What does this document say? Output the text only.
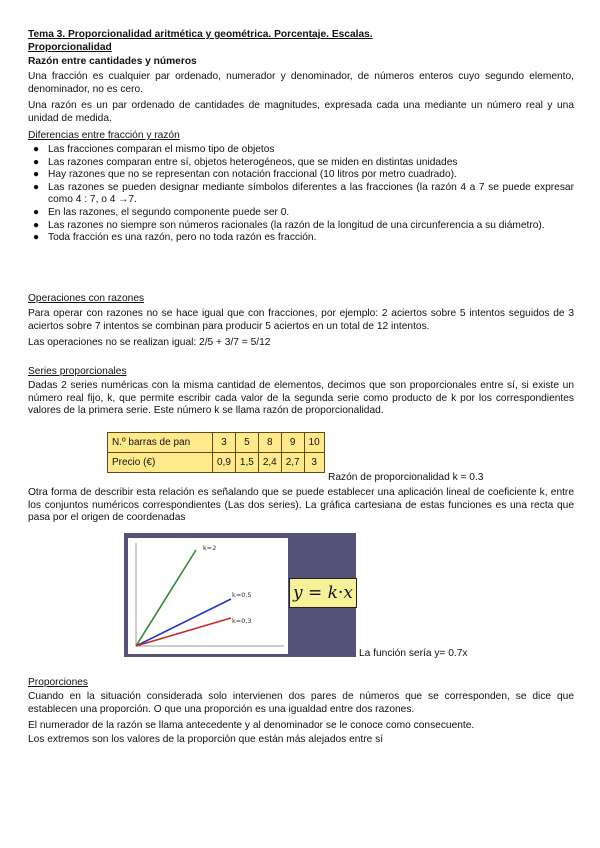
Tema 3. Proporcionalidad aritmética y geométrica. Porcentaje. Escalas.
Proporcionalidad
Razón entre cantidades y números
Una fracción es cualquier par ordenado, numerador y denominador, de números enteros cuyo segundo elemento, denominador, no es cero.
Una razón es un par ordenado de cantidades de magnitudes, expresada cada una mediante un número real y una unidad de medida.
Diferencias entre fracción y razón
● Las fracciones comparan el mismo tipo de objetos
● Las razones comparan entre sí, objetos heterogéneos, que se miden en distintas unidades
● Hay razones que no se representan con notación fraccional (10 litros por metro cuadrado).
● Las razones se pueden designar mediante símbolos diferentes a las fracciones (la razón 4 a 7 se puede expresar como 4 : 7, o 4 →7.
● En las razones, el segundo componente puede ser 0.
● Las razones no siempre son números racionales (la razón de la longitud de una circunferencia a su diámetro).
● Toda fracción es una razón, pero no toda razón es fracción.
Operaciones con razones
Para operar con razones no se hace igual que con fracciones, por ejemplo: 2 aciertos sobre 5 intentos seguidos de 3 aciertos sobre 7 intentos se combinan para producir 5 aciertos en un total de 12 intentos.
Las operaciones no se realizan igual: 2/5 + 3/7 = 5/12
Series proporcionales
Dadas 2 series numéricas con la misma cantidad de elementos, decimos que son proporcionales entre sí, si existe un número real fijo, k, que permite escribir cada valor de la segunda serie como producto de k por los correspondientes valores de la primera serie. Este número k se llama razón de proporcionalidad.
N.º barras de pan	3	5	8	9	10
Precio (€)	0,9	1,5	2,4	2,7	3
Razón de proporcionalidad k = 0.3
Otra forma de describir esta relación es señalando que se puede establecer una aplicación lineal de coeficiente k, entre los conjuntos numéricos correspondientes (Las dos series). La gráfica cartesiana de estas funciones es una recta que pasa por el origen de coordenadas
k=2
k=0,5
k=0,3
y = k·x
La función sería y= 0.7x
Proporciones
Cuando en la situación considerada solo intervienen dos pares de números que se corresponden, se dice que establecen una proporción. O que una proporción es una igualdad entre dos razones.
El numerador de la razón se llama antecedente y al denominador se le conoce como consecuente.
Los extremos son los valores de la proporción que están más alejados entre sí
